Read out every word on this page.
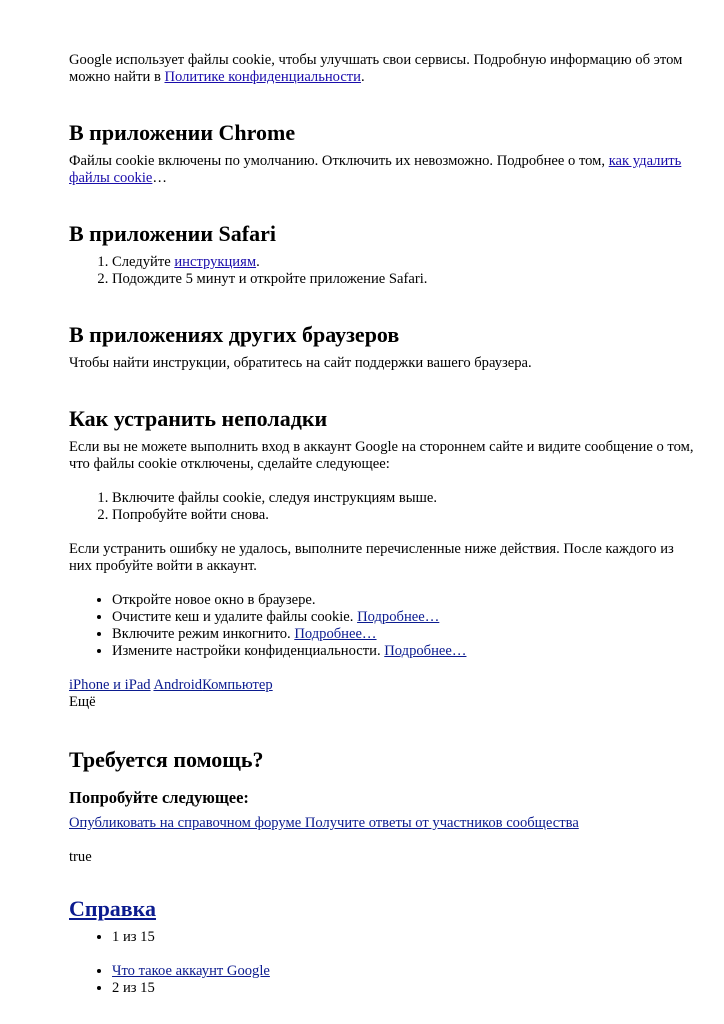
Google использует файлы cookie, чтобы улучшать свои сервисы. Подробную информацию об этом можно найти в Политике конфиденциальности.

В приложении Chrome

Файлы cookie включены по умолчанию. Отключить их невозможно. Подробнее о том, как удалить файлы cookie…

В приложении Safari
1. Следуйте инструкциям.
2. Подождите 5 минут и откройте приложение Safari.
В приложениях других браузеров

Чтобы найти инструкции, обратитесь на сайт поддержки вашего браузера.

Как устранить неполадки

Если вы не можете выполнить вход в аккаунт Google на стороннем сайте и видите сообщение о том, что файлы cookie отключены, сделайте следующее:

1. Включите файлы cookie, следуя инструкциям выше.
2. Попробуйте войти снова.

Если устранить ошибку не удалось, выполните перечисленные ниже действия. После каждого из них пробуйте войти в аккаунт.

• Откройте новое окно в браузере.
• Очистите кеш и удалите файлы cookie. Подробнее…
• Включите режим инкогнито. Подробнее…
• Измените настройки конфиденциальности. Подробнее…
iPhone и iPad AndroidКомпьютер
Ещё
Требуется помощь?
Попробуйте следующее:

Опубликовать на справочном форуме Получите ответы от участников сообщества

true

Справка
• 1 из 15
• Что такое аккаунт Google
• 2 из 15
